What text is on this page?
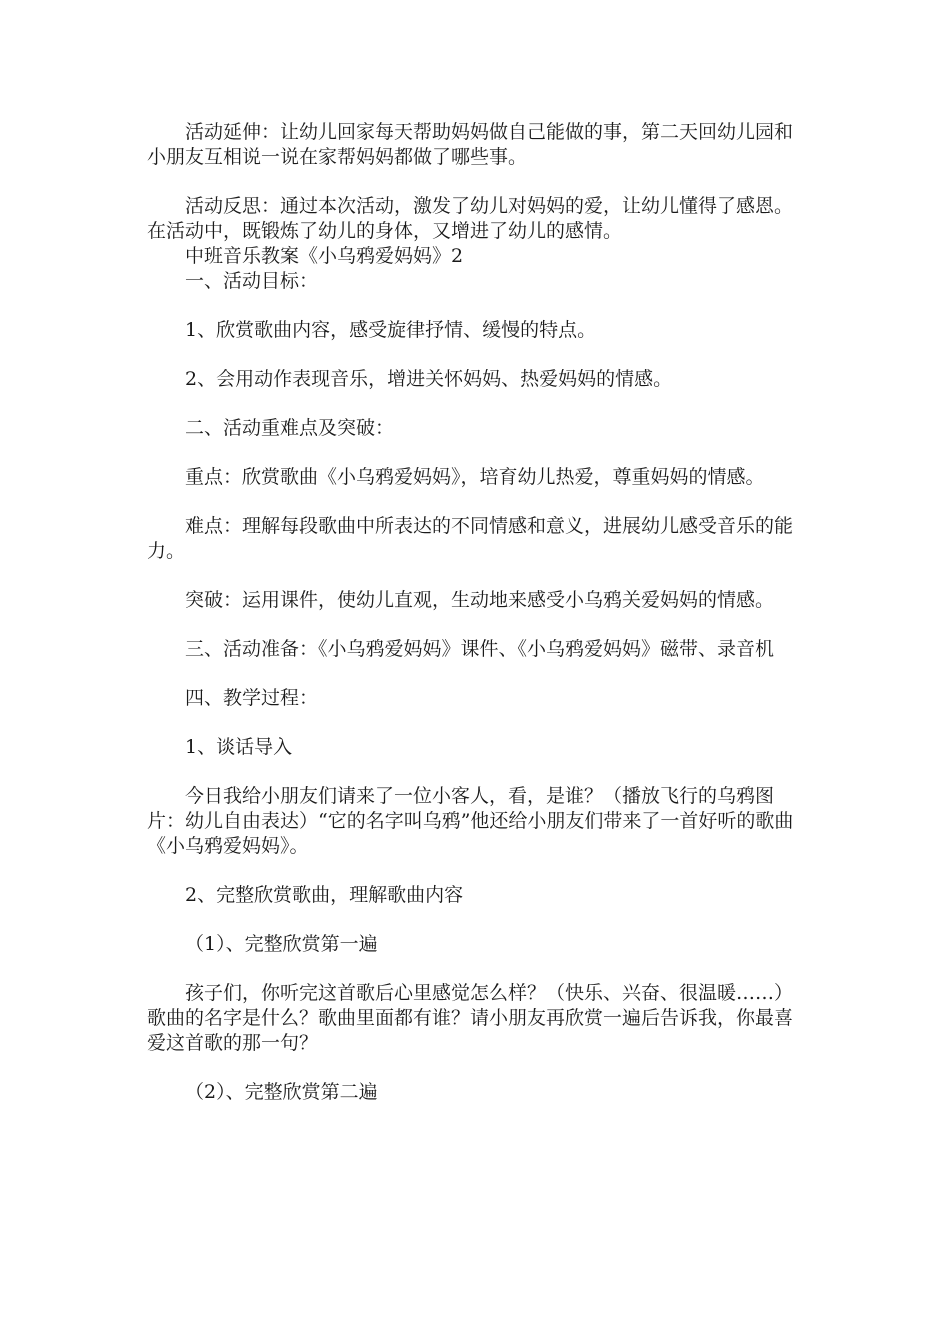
活动延伸：让幼儿回家每天帮助妈妈做自己能做的事，第二天回幼儿园和小朋友互相说一说在家帮妈妈都做了哪些事。

活动反思：通过本次活动，激发了幼儿对妈妈的爱，让幼儿懂得了感恩。在活动中，既锻炼了幼儿的身体，又增进了幼儿的感情。

中班音乐教案《小乌鸦爱妈妈》2

一、活动目标：

1、欣赏歌曲内容，感受旋律抒情、缓慢的特点。

2、会用动作表现音乐，增进关怀妈妈、热爱妈妈的情感。

二、活动重难点及突破：

重点：欣赏歌曲《小乌鸦爱妈妈》，培育幼儿热爱，尊重妈妈的情感。

难点：理解每段歌曲中所表达的不同情感和意义，进展幼儿感受音乐的能力。

突破：运用课件，使幼儿直观，生动地来感受小乌鸦关爱妈妈的情感。

三、活动准备：《小乌鸦爱妈妈》课件、《小乌鸦爱妈妈》磁带、录音机

四、教学过程：

1、谈话导入

今日我给小朋友们请来了一位小客人，看，是谁？（播放飞行的乌鸦图片：幼儿自由表达）“它的名字叫乌鸦”他还给小朋友们带来了一首好听的歌曲《小乌鸦爱妈妈》。

2、完整欣赏歌曲，理解歌曲内容

（1）、完整欣赏第一遍

孩子们，你听完这首歌后心里感觉怎么样？（快乐、兴奋、很温暖……）歌曲的名字是什么？歌曲里面都有谁？请小朋友再欣赏一遍后告诉我，你最喜爱这首歌的那一句？

（2）、完整欣赏第二遍
